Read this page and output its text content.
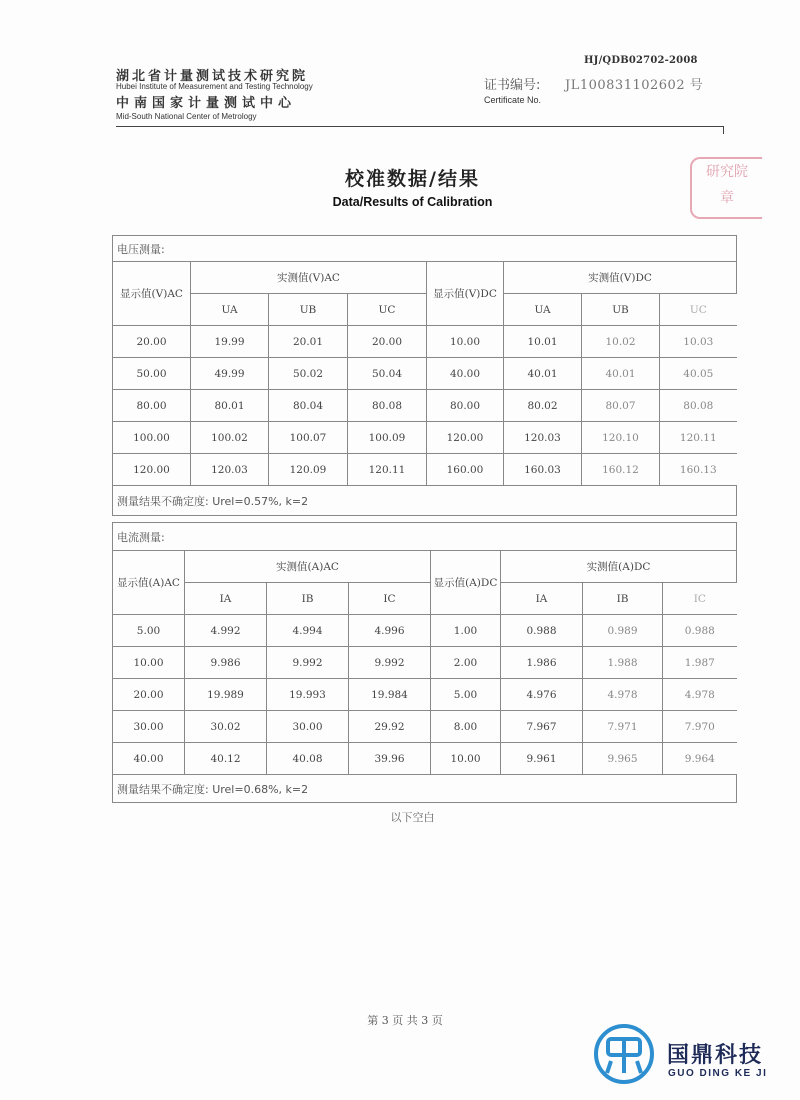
HJ/QDB02702-2008
湖北省计量测试技术研究院
Hubei Institute of Measurement and Testing Technology
中南国家计量测试中心
Mid-South National Center of Metrology
证书编号: JL100831102602 号
Certificate No.
研究院
章
校准数据/结果
Data/Results of Calibration
电压测量:							
显示值(V)AC	实测值(V)AC			显示值(V)DC	实测值(V)DC		
	UA	UB	UC		UA	UB	UC
20.00	19.99	20.01	20.00	10.00	10.01	10.02	10.03
50.00	49.99	50.02	50.04	40.00	40.01	40.01	40.05
80.00	80.01	80.04	80.08	80.00	80.02	80.07	80.08
100.00	100.02	100.07	100.09	120.00	120.03	120.10	120.11
120.00	120.03	120.09	120.11	160.00	160.03	160.12	160.13
测量结果不确定度: Urel=0.57%, k=2							
电流测量:							
显示值(A)AC	实测值(A)AC			显示值(A)DC	实测值(A)DC		
	IA	IB	IC		IA	IB	IC
5.00	4.992	4.994	4.996	1.00	0.988	0.989	0.988
10.00	9.986	9.992	9.992	2.00	1.986	1.988	1.987
20.00	19.989	19.993	19.984	5.00	4.976	4.978	4.978
30.00	30.02	30.00	29.92	8.00	7.967	7.971	7.970
40.00	40.12	40.08	39.96	10.00	9.961	9.965	9.964
测量结果不确定度: Urel=0.68%, k=2							
以下空白
第 3 页 共 3 页
国鼎科技
GUO DING KE JI
